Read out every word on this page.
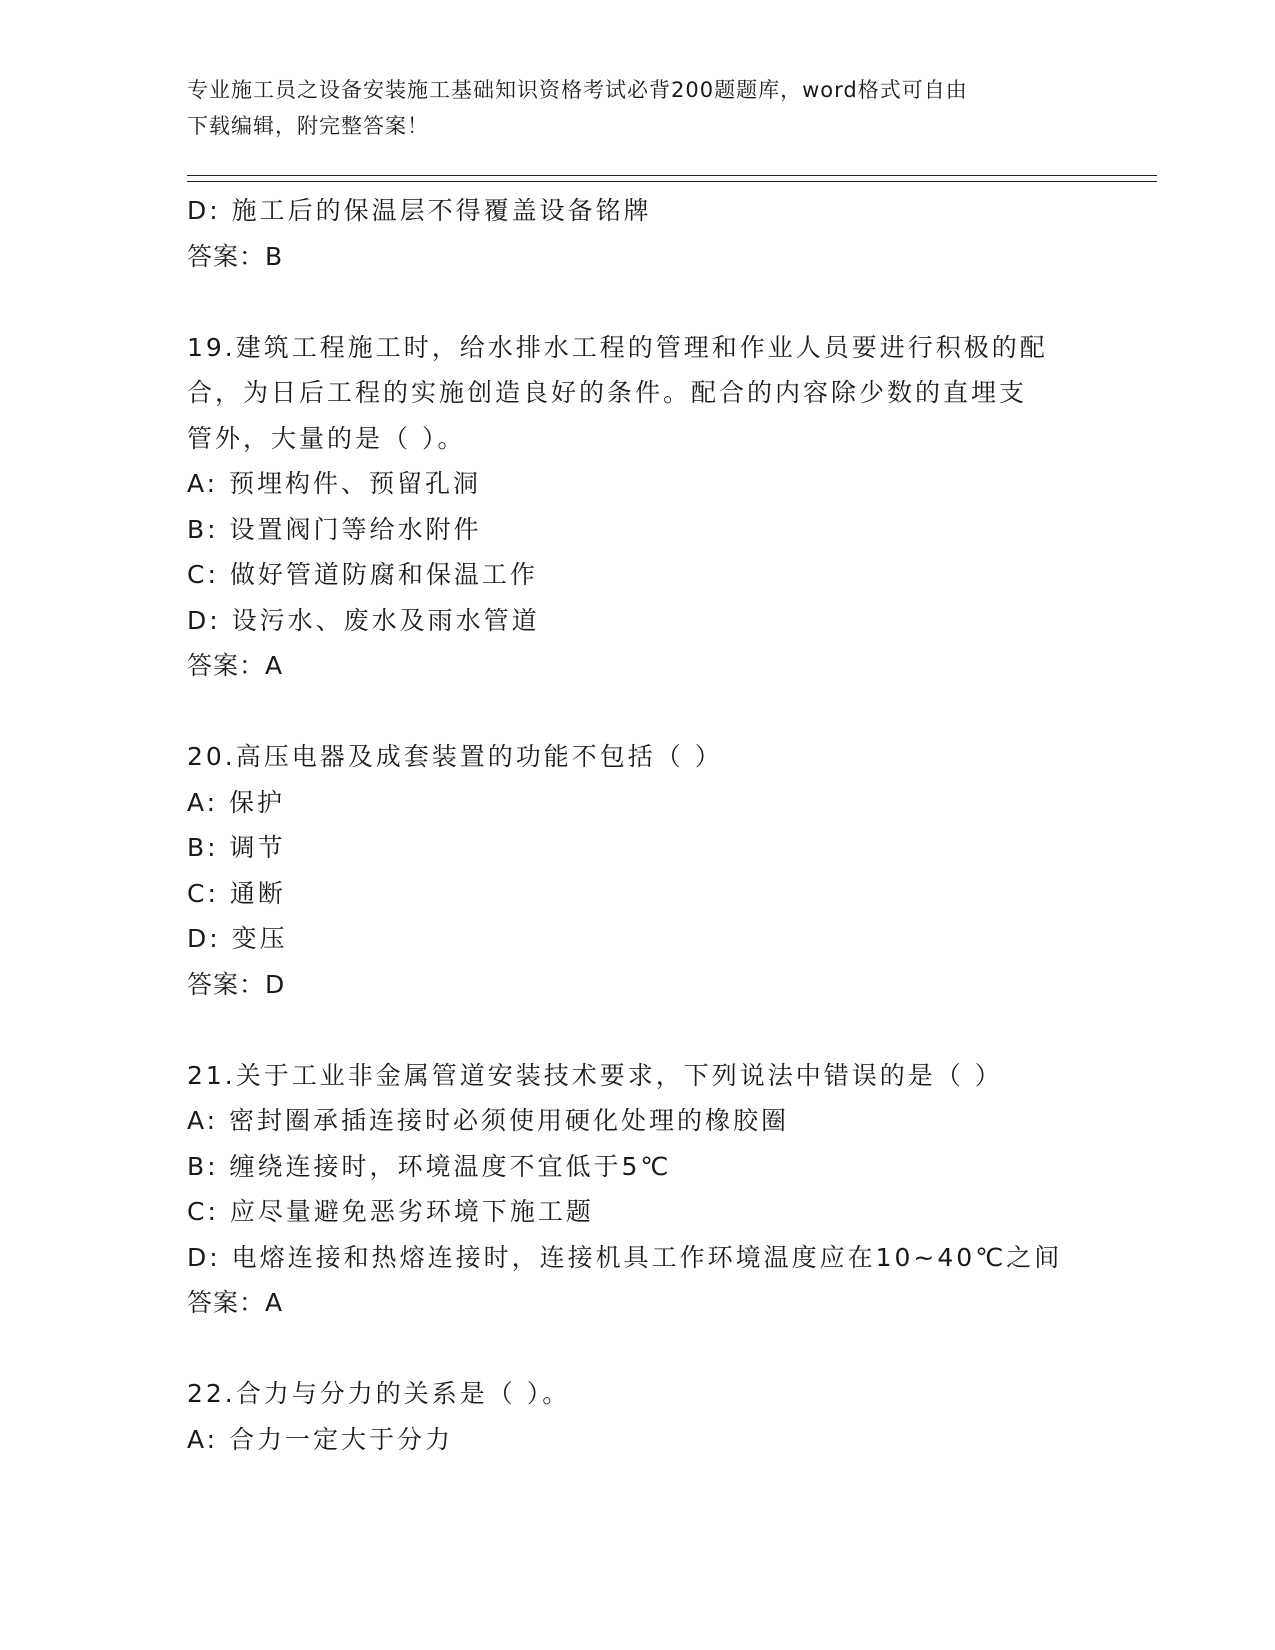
专业施工员之设备安装施工基础知识资格考试必背200题题库，word格式可自由
下载编辑，附完整答案！
D: 施工后的保温层不得覆盖设备铭牌
答案：B
19.建筑工程施工时，给水排水工程的管理和作业人员要进行积极的配
合，为日后工程的实施创造良好的条件。配合的内容除少数的直埋支
管外，大量的是（ ）。
A: 预埋构件、预留孔洞
B: 设置阀门等给水附件
C: 做好管道防腐和保温工作
D: 设污水、废水及雨水管道
答案：A
20.高压电器及成套装置的功能不包括（ ）
A: 保护
B: 调节
C: 通断
D: 变压
答案：D
21.关于工业非金属管道安装技术要求，下列说法中错误的是（ ）
A: 密封圈承插连接时必须使用硬化处理的橡胶圈
B: 缠绕连接时，环境温度不宜低于5℃
C: 应尽量避免恶劣环境下施工题
D: 电熔连接和热熔连接时，连接机具工作环境温度应在10~40℃之间
答案：A
22.合力与分力的关系是（ ）。
A: 合力一定大于分力
